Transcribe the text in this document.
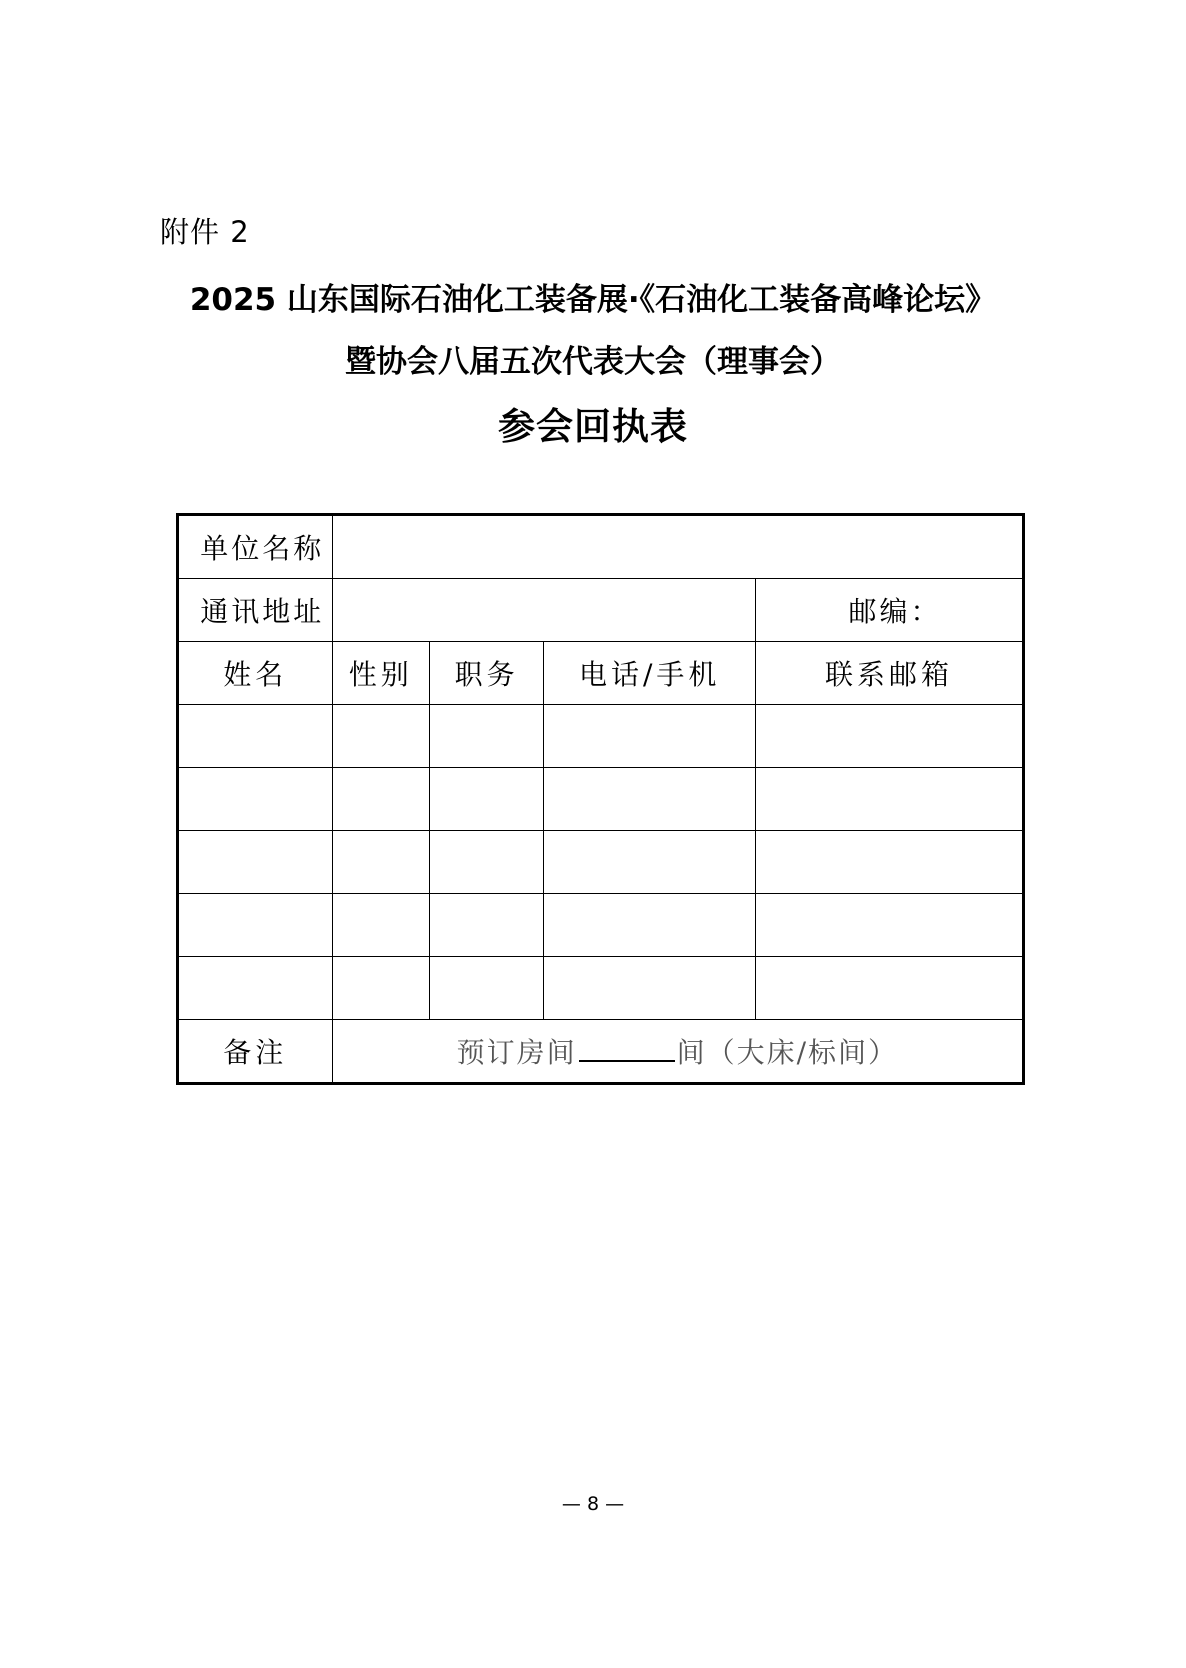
附件 2
2025 山东国际石油化工装备展·《石油化工装备高峰论坛》
暨协会八届五次代表大会（理事会）
参会回执表
单位名称				
通讯地址				邮编：
姓名	性别	职务	电话/手机	联系邮箱

备注	预订房间 间（大床/标间）			
— 8 —
